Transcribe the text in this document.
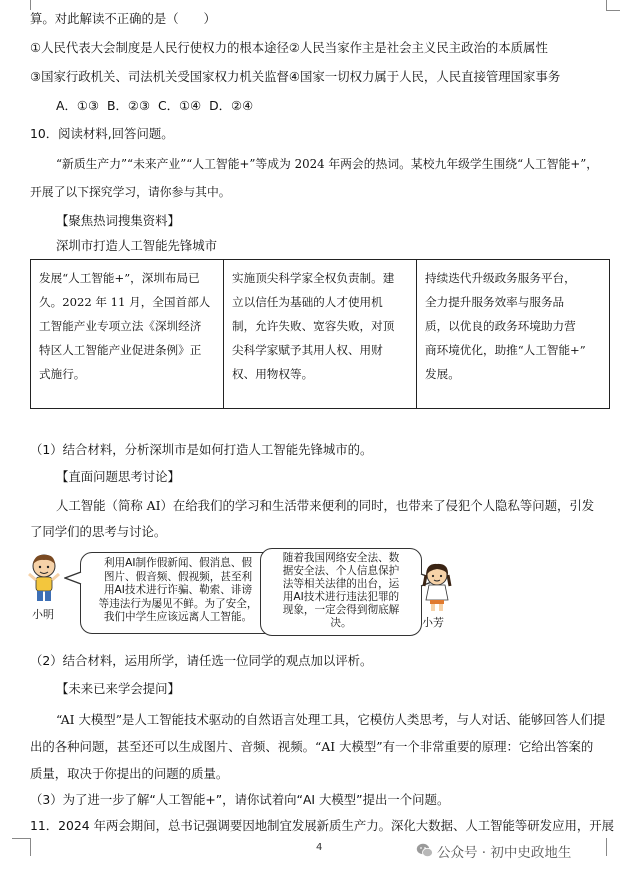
算。对此解读不正确的是（　　）
①人民代表大会制度是人民行使权力的根本途径②人民当家作主是社会主义民主政治的本质属性
③国家行政机关、司法机关受国家权力机关监督④国家一切权力属于人民，人民直接管理国家事务
A．①③  B．②③  C．①④  D．②④
10．阅读材料,回答问题。
“新质生产力”“未来产业”“人工智能+”等成为 2024 年两会的热词。某校九年级学生围绕“人工智能+”，
开展了以下探究学习，请你参与其中。
【聚焦热词搜集资料】
深圳市打造人工智能先锋城市
发展“人工智能+”，深圳布局已
久。2022 年 11 月，全国首部人
工智能产业专项立法《深圳经济
特区人工智能产业促进条例》正
式施行。

实施顶尖科学家全权负责制。建
立以信任为基础的人才使用机
制，允许失败、宽容失败，对顶
尖科学家赋予其用人权、用财
权、用物权等。

持续迭代升级政务服务平台，
全力提升服务效率与服务品
质，以优良的政务环境助力营
商环境优化，助推“人工智能+”
发展。
（1）结合材料，分析深圳市是如何打造人工智能先锋城市的。
【直面问题思考讨论】
人工智能（简称 AI）在给我们的学习和生活带来便利的同时，也带来了侵犯个人隐私等问题，引发
了同学们的思考与讨论。
小明
利用AI制作假新闻、假消息、假
图片、假音频、假视频，甚至利
用AI技术进行诈骗、勒索、诽谤
等违法行为屡见不鲜。为了安全，
我们中学生应该远离人工智能。
随着我国网络安全法、数
据安全法、个人信息保护
法等相关法律的出台，运
用AI技术进行违法犯罪的
现象，一定会得到彻底解
决。	小芳
（2）结合材料，运用所学，请任选一位同学的观点加以评析。
【未来已来学会提问】
“AI 大模型”是人工智能技术驱动的自然语言处理工具，它模仿人类思考，与人对话、能够回答人们提
出的各种问题，甚至还可以生成图片、音频、视频。“AI 大模型”有一个非常重要的原理：它给出答案的
质量，取决于你提出的问题的质量。
（3）为了进一步了解“人工智能+”，请你试着向“AI 大模型”提出一个问题。
11．2024 年两会期间，总书记强调要因地制宜发展新质生产力。深化大数据、人工智能等研发应用，开展
4	公众号 · 初中史政地生
